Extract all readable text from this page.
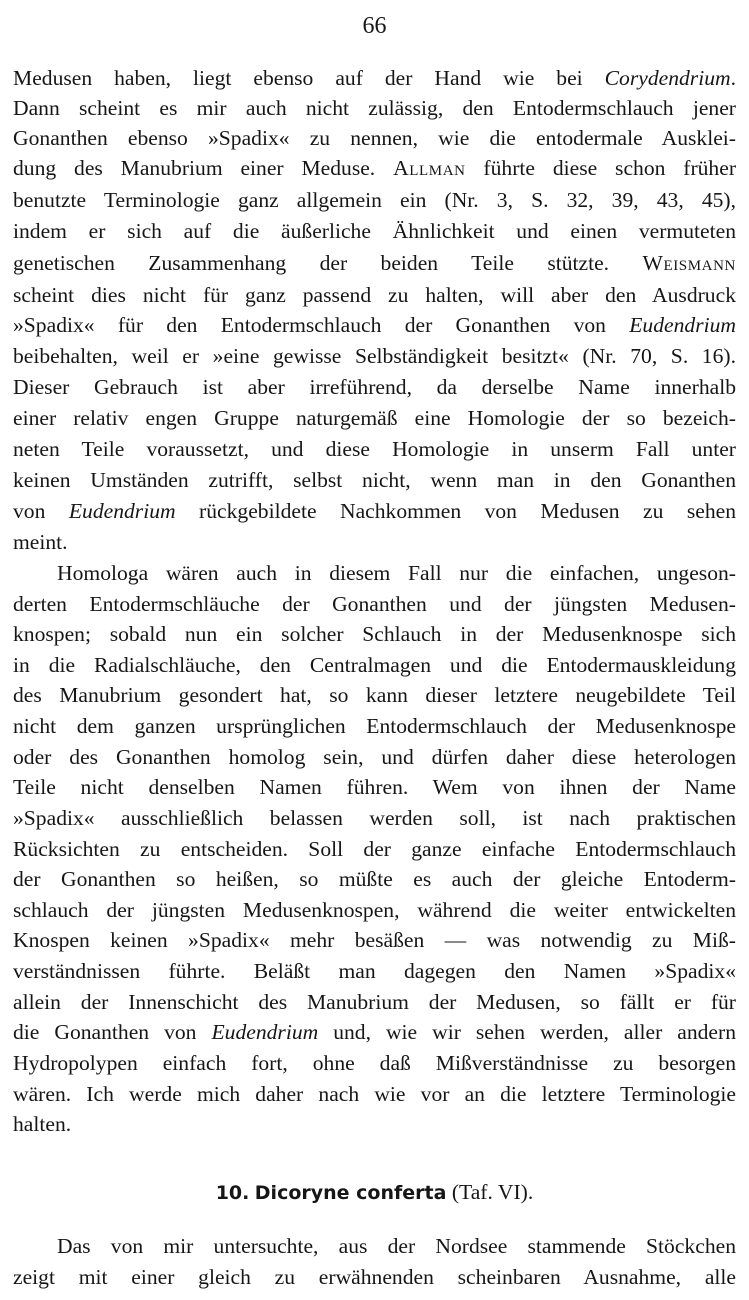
66
Medusen haben, liegt ebenso auf der Hand wie bei Corydendrium.
Dann scheint es mir auch nicht zulässig, den Entodermschlauch jener
Gonanthen ebenso »Spadix« zu nennen, wie die entodermale Ausklei-
dung des Manubrium einer Meduse. Allman führte diese schon früher
benutzte Terminologie ganz allgemein ein (Nr. 3, S. 32, 39, 43, 45),
indem er sich auf die äußerliche Ähnlichkeit und einen vermuteten
genetischen Zusammenhang der beiden Teile stützte. Weismann
scheint dies nicht für ganz passend zu halten, will aber den Ausdruck
»Spadix« für den Entodermschlauch der Gonanthen von Eudendrium
beibehalten, weil er »eine gewisse Selbständigkeit besitzt« (Nr. 70, S. 16).
Dieser Gebrauch ist aber irreführend, da derselbe Name innerhalb
einer relativ engen Gruppe naturgemäß eine Homologie der so bezeich-
neten Teile voraussetzt, und diese Homologie in unserm Fall unter
keinen Umständen zutrifft, selbst nicht, wenn man in den Gonanthen
von Eudendrium rückgebildete Nachkommen von Medusen zu sehen
meint.
Homologa wären auch in diesem Fall nur die einfachen, ungeson-
derten Entodermschläuche der Gonanthen und der jüngsten Medusen-
knospen; sobald nun ein solcher Schlauch in der Medusenknospe sich
in die Radialschläuche, den Centralmagen und die Entodermauskleidung
des Manubrium gesondert hat, so kann dieser letztere neugebildete Teil
nicht dem ganzen ursprünglichen Entodermschlauch der Medusenknospe
oder des Gonanthen homolog sein, und dürfen daher diese heterologen
Teile nicht denselben Namen führen. Wem von ihnen der Name
»Spadix« ausschließlich belassen werden soll, ist nach praktischen
Rücksichten zu entscheiden. Soll der ganze einfache Entodermschlauch
der Gonanthen so heißen, so müßte es auch der gleiche Entoderm-
schlauch der jüngsten Medusenknospen, während die weiter entwickelten
Knospen keinen »Spadix« mehr besäßen — was notwendig zu Miß-
verständnissen führte. Beläßt man dagegen den Namen »Spadix«
allein der Innenschicht des Manubrium der Medusen, so fällt er für
die Gonanthen von Eudendrium und, wie wir sehen werden, aller andern
Hydropolypen einfach fort, ohne daß Mißverständnisse zu besorgen
wären. Ich werde mich daher nach wie vor an die letztere Terminologie
halten.
10. Dicoryne conferta (Taf. VI).
Das von mir untersuchte, aus der Nordsee stammende Stöckchen
zeigt mit einer gleich zu erwähnenden scheinbaren Ausnahme, alle
